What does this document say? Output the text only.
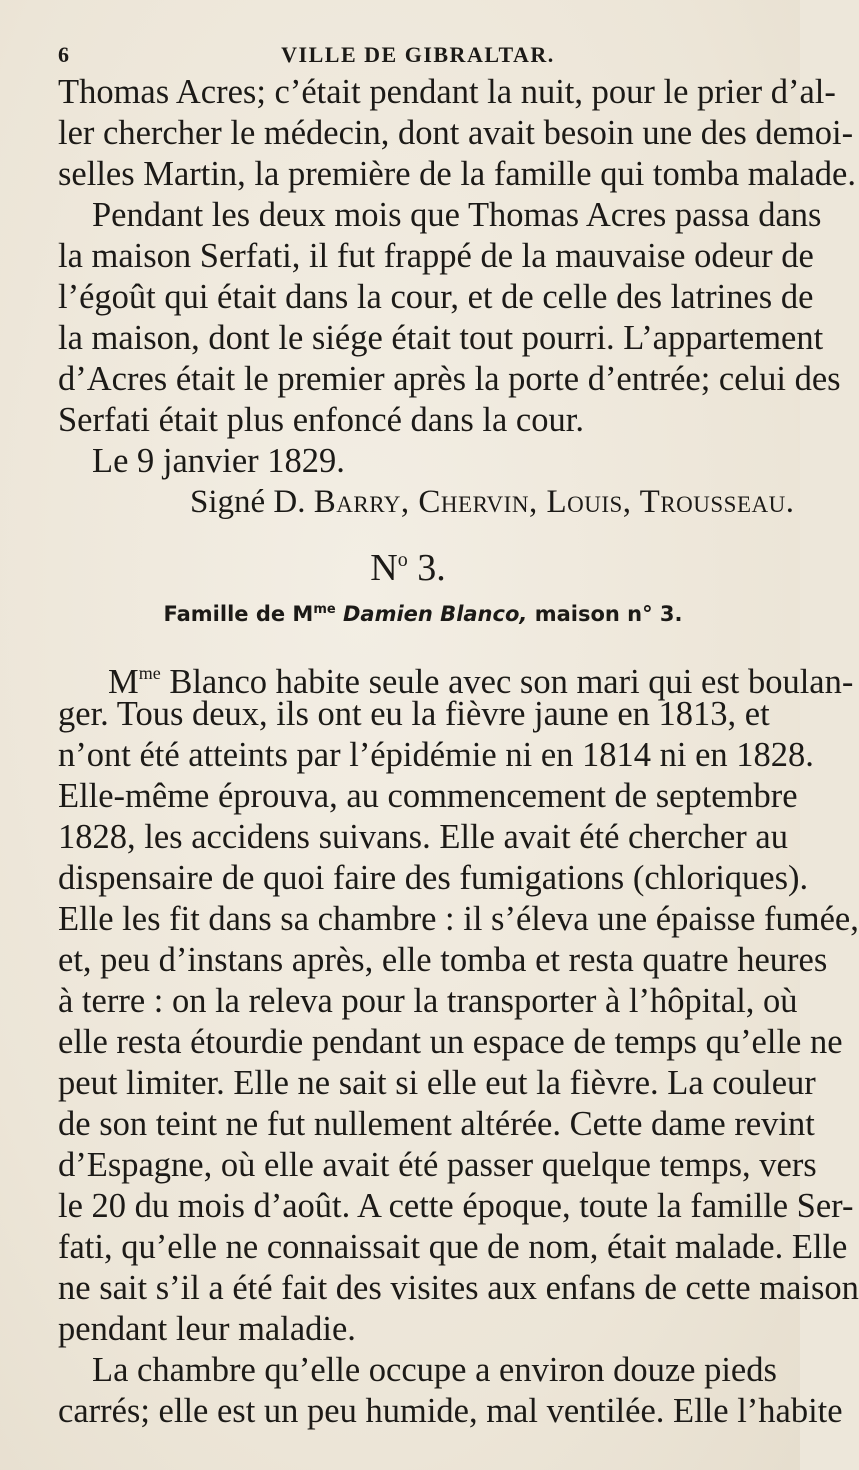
6	VILLE DE GIBRALTAR.
Thomas Acres; c’était pendant la nuit, pour le prier d’al-
ler chercher le médecin, dont avait besoin une des demoi-
selles Martin, la première de la famille qui tomba malade.
Pendant les deux mois que Thomas Acres passa dans
la maison Serfati, il fut frappé de la mauvaise odeur de
l’égoût qui était dans la cour, et de celle des latrines de
la maison, dont le siége était tout pourri. L’appartement
d’Acres était le premier après la porte d’entrée; celui des
Serfati était plus enfoncé dans la cour.
Le 9 janvier 1829.
Signé D. Barry, Chervin, Louis, Trousseau.
$N^o$ 3.
Famille de $M^{me}$ Damien Blanco, maison n° 3.
$M^{me}$ Blanco habite seule avec son mari qui est boulan-
ger. Tous deux, ils ont eu la fièvre jaune en 1813, et
n’ont été atteints par l’épidémie ni en 1814 ni en 1828.
Elle-même éprouva, au commencement de septembre
1828, les accidens suivans. Elle avait été chercher au
dispensaire de quoi faire des fumigations (chloriques).
Elle les fit dans sa chambre : il s’éleva une épaisse fumée,
et, peu d’instans après, elle tomba et resta quatre heures
à terre : on la releva pour la transporter à l’hôpital, où
elle resta étourdie pendant un espace de temps qu’elle ne
peut limiter. Elle ne sait si elle eut la fièvre. La couleur
de son teint ne fut nullement altérée. Cette dame revint
d’Espagne, où elle avait été passer quelque temps, vers
le 20 du mois d’août. A cette époque, toute la famille Ser-
fati, qu’elle ne connaissait que de nom, était malade. Elle
ne sait s’il a été fait des visites aux enfans de cette maison
pendant leur maladie.
La chambre qu’elle occupe a environ douze pieds
carrés; elle est un peu humide, mal ventilée. Elle l’habite
